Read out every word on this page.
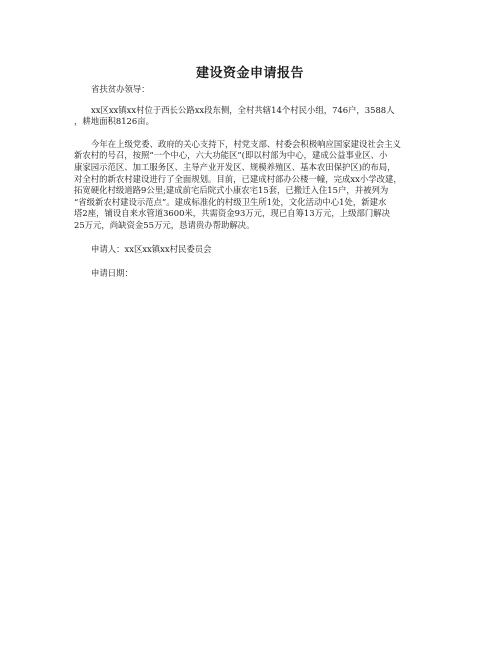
建设资金申请报告

省扶贫办领导：

xx区xx镇xx村位于西长公路xx段东侧，全村共辖14个村民小组，746户，3588人
，耕地面积8126亩。

今年在上级党委、政府的关心支持下，村党支部、村委会积极响应国家建设社会主义
新农村的号召，按照“一个中心，六大功能区”(即以村部为中心，建成公益事业区、小
康家园示范区、加工服务区、主导产业开发区、规模养殖区、基本农田保护区)的布局，
对全村的新农村建设进行了全面规划。目前，已建成村部办公楼一幢，完成xx小学改建，
拓宽硬化村级道路9公里;建成前宅后院式小康农宅15套，已搬迁入住15户，并被列为
“省级新农村建设示范点”。建成标准化的村级卫生所1处，文化活动中心1处，新建水
塔2座，铺设自来水管道3600米，共需资金93万元，现已自筹13万元，上级部门解决
25万元，尚缺资金55万元，恳请贵办帮助解决。

申请人：xx区xx镇xx村民委员会

申请日期：
